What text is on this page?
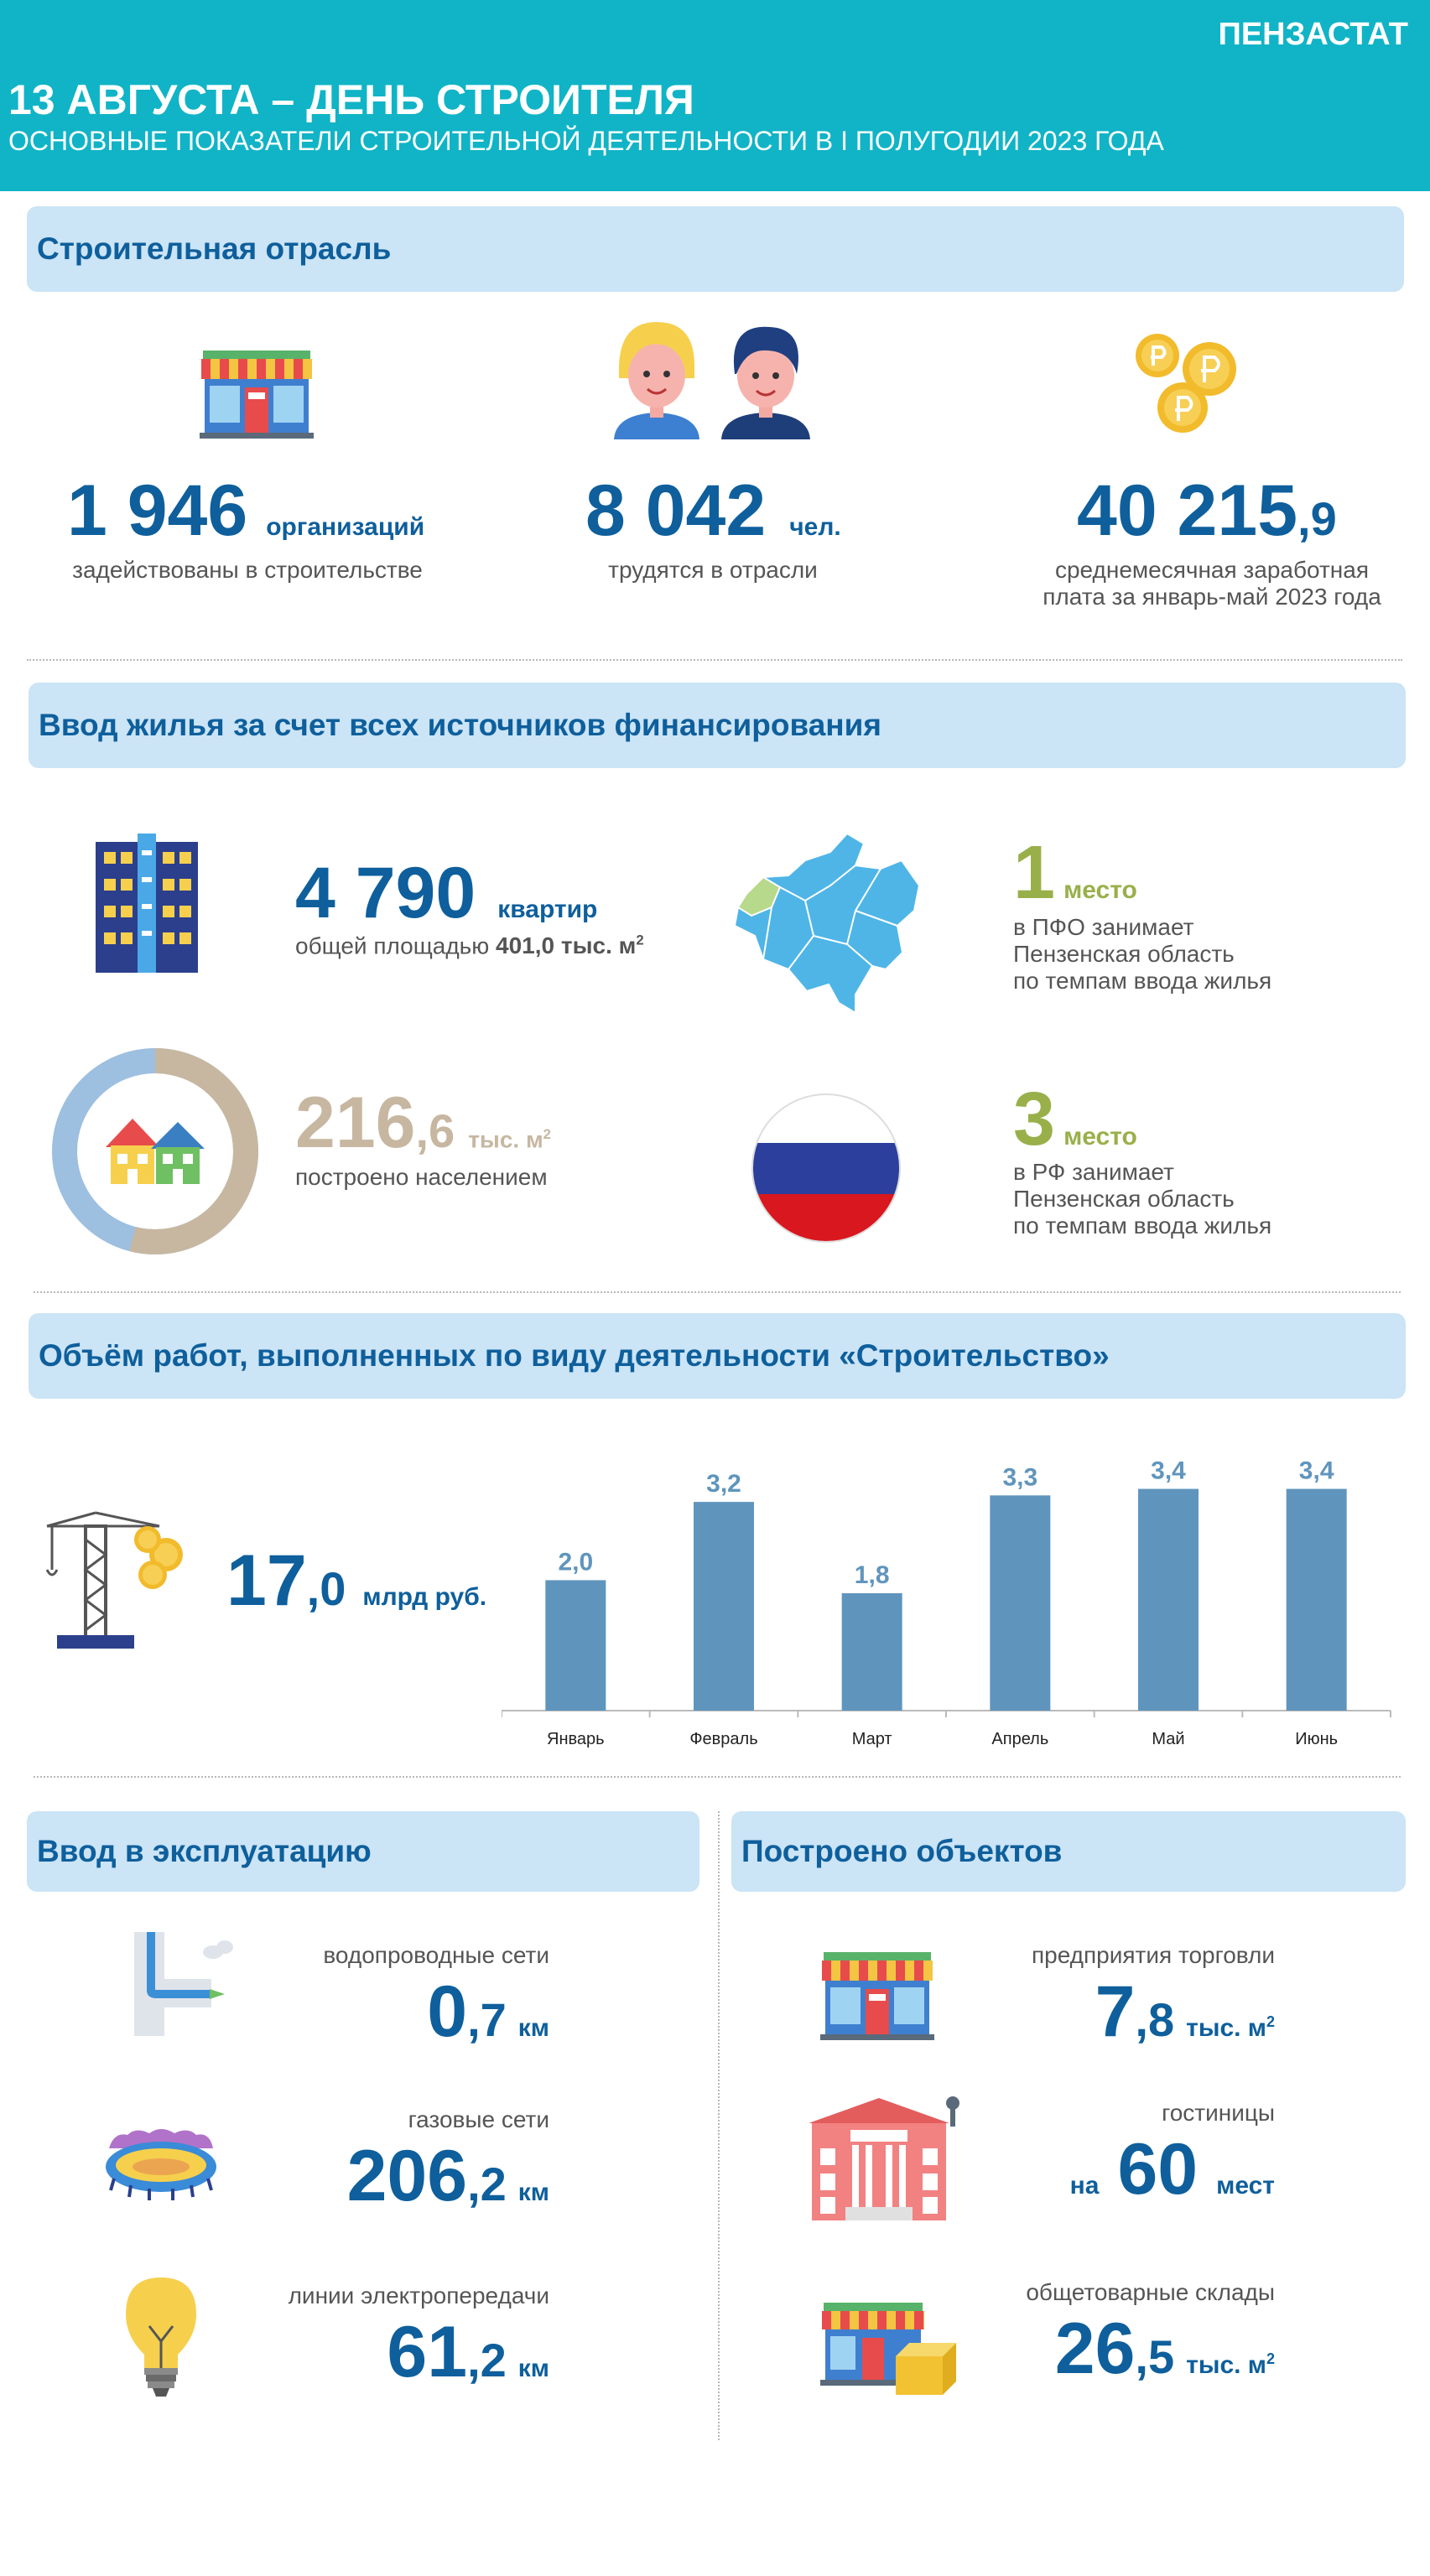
ПЕНЗАСТАТ
13 АВГУСТА – ДЕНЬ СТРОИТЕЛЯ
ОСНОВНЫЕ ПОКАЗАТЕЛИ СТРОИТЕЛЬНОЙ ДЕЯТЕЛЬНОСТИ В I ПОЛУГОДИИ 2023 ГОДА
Строительная отрасль
1 946 организаций
задействованы в строительстве
8 042 чел.
трудятся в отрасли
40 215 ,9
среднемесячная заработная
плата за январь-май 2023 года
Ввод жилья за счет всех источников финансирования
4 790 квартир
общей площадью 401,0 тыс. $м^2$
1 место
в ПФО занимает
Пензенская область
по темпам ввода жилья
216 ,6 тыс. $м^2$
построено населением
3 место
в РФ занимает
Пензенская область
по темпам ввода жилья
Объём работ, выполненных по виду деятельности «Строительство»
17 ,0 млрд руб.
2,0
Январь
3,2
Февраль
1,8
Март
3,3
Апрель
3,4
Май
3,4
Июнь
Ввод в эксплуатацию	Построено объектов
водопроводные сети
0 ,7 км
газовые сети
206 ,2 км
линии электропередачи
61 ,2 км
предприятия торговли
7 ,8 тыс. $м^2$
гостиницы
на 60 мест
общетоварные склады
26 ,5 тыс. $м^2$
